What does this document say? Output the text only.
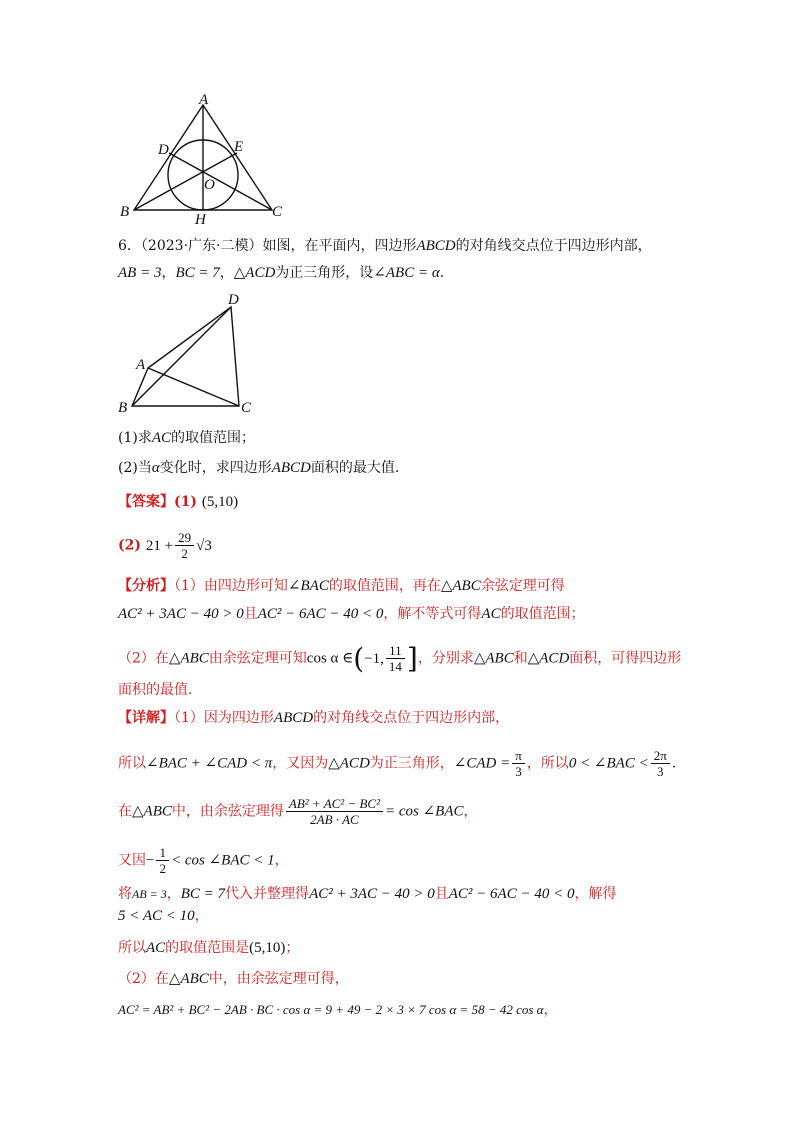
A
B	C
D	E
O
H
6．（2023·广东·二模）如图，在平面内，四边形ABCD的对角线交点位于四边形内部，
AB = 3，BC = 7，△ACD为正三角形，设∠ABC = α.
D
A
B	C
(1)求AC的取值范围；
(2)当α变化时，求四边形ABCD面积的最大值.
【答案】(1) (5,10)
(2) $21 + \frac{29}{2} √3$
【分析】（1）由四边形可知∠BAC的取值范围，再在△ABC余弦定理可得
AC² + 3AC − 40 > 0且AC² − 6AC − 40 < 0，解不等式可得AC的取值范围；
（2）在△ABC由余弦定理可知cos α ∈(−1, $\frac{11}{14}$ ]，分别求△ABC和△ACD面积，可得四边形
面积的最值.
【详解】（1）因为四边形ABCD的对角线交点位于四边形内部，
所以∠BAC + ∠CAD < π，又因为△ACD为正三角形，∠CAD = $\frac{\pi}{3}$ ，所以0 < ∠BAC < $\frac{2\pi}{3}$ .
在△ABC中，由余弦定理得 $\frac{\text{AB² + AC² − BC²}}{2AB \cdot AC} = \cos$ ∠BAC，
又因− $\frac{1}{2} < \cos$ ∠BAC < 1，
将AB = 3，BC = 7代入并整理得AC² + 3AC − 40 > 0且AC² − 6AC − 40 < 0，解得
5 < AC < 10，
所以AC的取值范围是(5,10)；
（2）在△ABC中，由余弦定理可得，
AC² = AB² + BC² − 2AB · BC · cos α = 9 + 49 − 2 × 3 × 7 cos α = 58 − 42 cos α，
